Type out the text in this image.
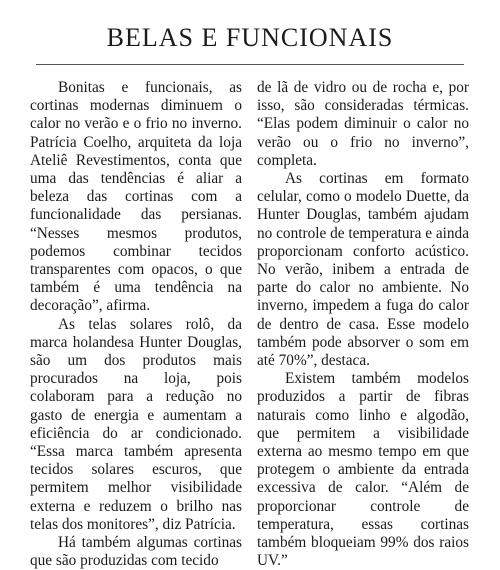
BELAS E FUNCIONAIS

Bonitas e funcionais, as cortinas modernas diminuem o calor no verão e o frio no inverno. Patrícia Coelho, arquiteta da loja Ateliê Revestimentos, conta que uma das tendências é aliar a beleza das cortinas com a funcionalidade das persianas. “Nesses mesmos produtos, podemos combinar tecidos transparentes com opacos, o que também é uma tendência na decoração”, afirma.

As telas solares rolô, da marca holandesa Hunter Douglas, são um dos produtos mais procurados na loja, pois colaboram para a redução no gasto de energia e aumentam a eficiência do ar condicionado. “Essa marca também apresenta tecidos solares escuros, que permitem melhor visibilidade externa e reduzem o brilho nas telas dos monitores”, diz Patrícia.

Há também algumas cortinas que são produzidas com tecido

de lã de vidro ou de rocha e, por isso, são consideradas térmicas. “Elas podem diminuir o calor no verão ou o frio no inverno”, completa.

As cortinas em formato celular, como o modelo Duette, da Hunter Douglas, também ajudam no controle de temperatura e ainda proporcionam conforto acústico. No verão, inibem a entrada de parte do calor no ambiente. No inverno, impedem a fuga do calor de dentro de casa. Esse modelo também pode absorver o som em até 70%”, destaca.

Existem também modelos produzidos a partir de fibras naturais como linho e algodão, que permitem a visibilidade externa ao mesmo tempo em que protegem o ambiente da entrada excessiva de calor. “Além de proporcionar controle de temperatura, essas cortinas também bloqueiam 99% dos raios UV.”
